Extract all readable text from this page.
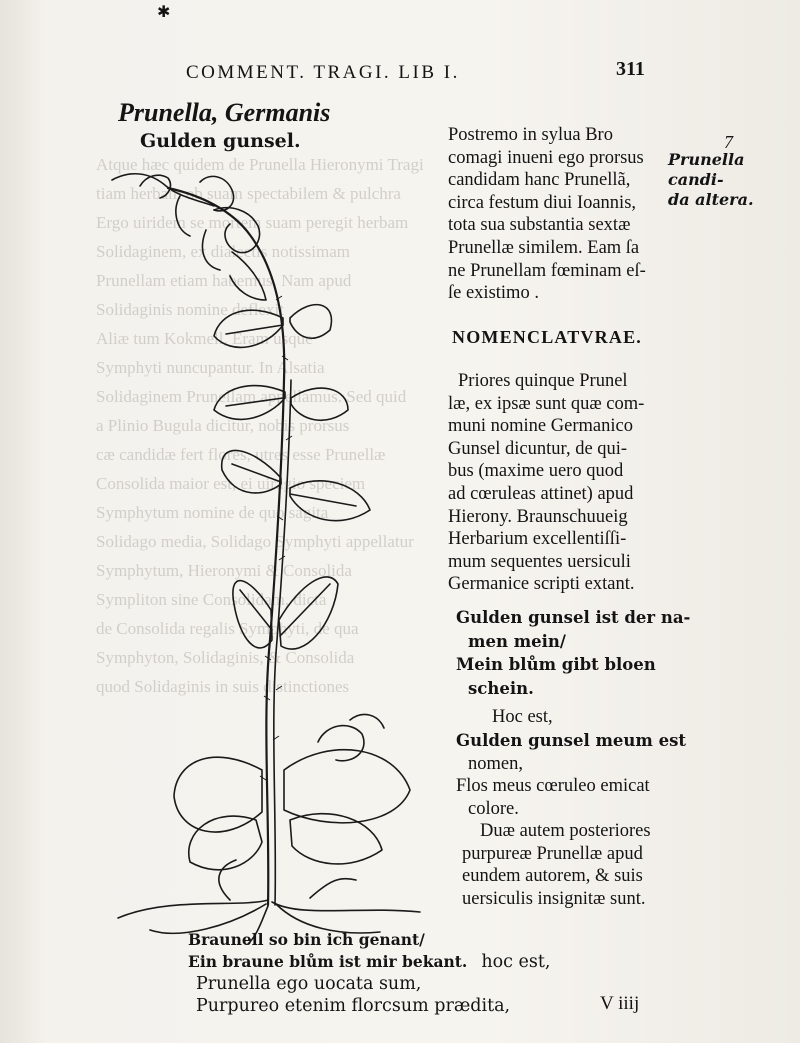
Atque hæc quidem de Prunella Hieronymi Tragi
tiam herbam ob suam spectabilem & pulchra
Ergo uiridem se mortem suam peregit herbam
Solidaginem, ex dialectis notissimam
Prunellam etiam habemus. Nam apud
Solidaginis nomine deflexit
Aliæ tum Kokmell, Eram usque
Symphyti nuncupantur. In Alsatia
Solidaginem Prunellam appellamus. Sed quid
a Plinio Bugula dicitur, nobis prorsus
cæ candidæ fert flores, utres esse Prunellæ
Consolida maior est, ei uiragio speciem
Symphytum nomine de quo sagita
Solidago media, Solidago Symphyti appellatur
Symphytum, Hieronymi & Consolida
Sympliton sine Consolidam, dicta
de Consolida regalis Symphyti, de qua
Symphyton, Solidaginis, & Consolida
quod Solidaginis in suis distinctiones

✱
COMMENT. TRAGI. LIB I.	311
Prunella, Germanis
Gulden gunsel.	7
Prunella candi-
da altera.
Postremo in sylua Bro
comagi inueni ego prorsus
candidam hanc Prunellã,
circa festum diui Ioannis,
tota sua substantia sextæ
Prunellæ similem. Eam ſa
ne Prunellam fœminam eſ-
ſe existimo .
NOMENCLATVRAE.
Priores quinque Prunel
læ, ex ipsæ sunt quæ com-
muni nomine Germanico
Gunsel dicuntur, de qui-
bus (maxime uero quod
ad cœruleas attinet) apud
Hierony. Braunschuueig
Herbarium excellentiſſi-
mum sequentes uersiculi
Germanice scripti extant.
Gulden gunsel ist der na-
men mein/
Mein blům gibt bloen
schein.
Hoc est,
Gulden gunsel meum est
nomen,
Flos meus cœruleo emicat
colore.
Duæ autem posteriores
purpureæ Prunellæ apud
eundem autorem, & suis
uersiculis insignitæ sunt.
Braunell so bin ich genant/
Ein braune blům ist mir bekant. hoc est,
Prunella ego uocata sum,
Purpureo etenim florcsum prædita,	V iiij
